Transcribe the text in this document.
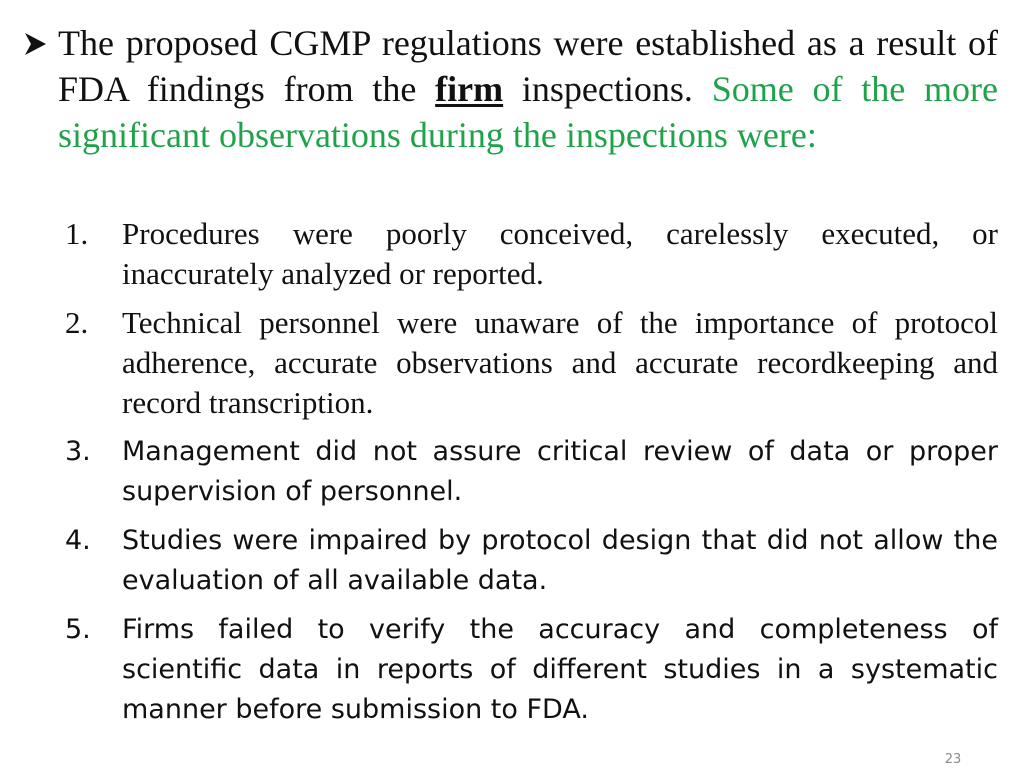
The proposed CGMP regulations were established as a result of FDA findings from the firm inspections. Some of the more significant observations during the inspections were:
1. Procedures were poorly conceived, carelessly executed, or inaccurately analyzed or reported.
2. Technical personnel were unaware of the importance of protocol adherence, accurate observations and accurate recordkeeping and record transcription.
3. Management did not assure critical review of data or proper supervision of personnel.
4. Studies were impaired by protocol design that did not allow the evaluation of all available data.
5. Firms failed to verify the accuracy and completeness of scientific data in reports of different studies in a systematic manner before submission to FDA.
23
